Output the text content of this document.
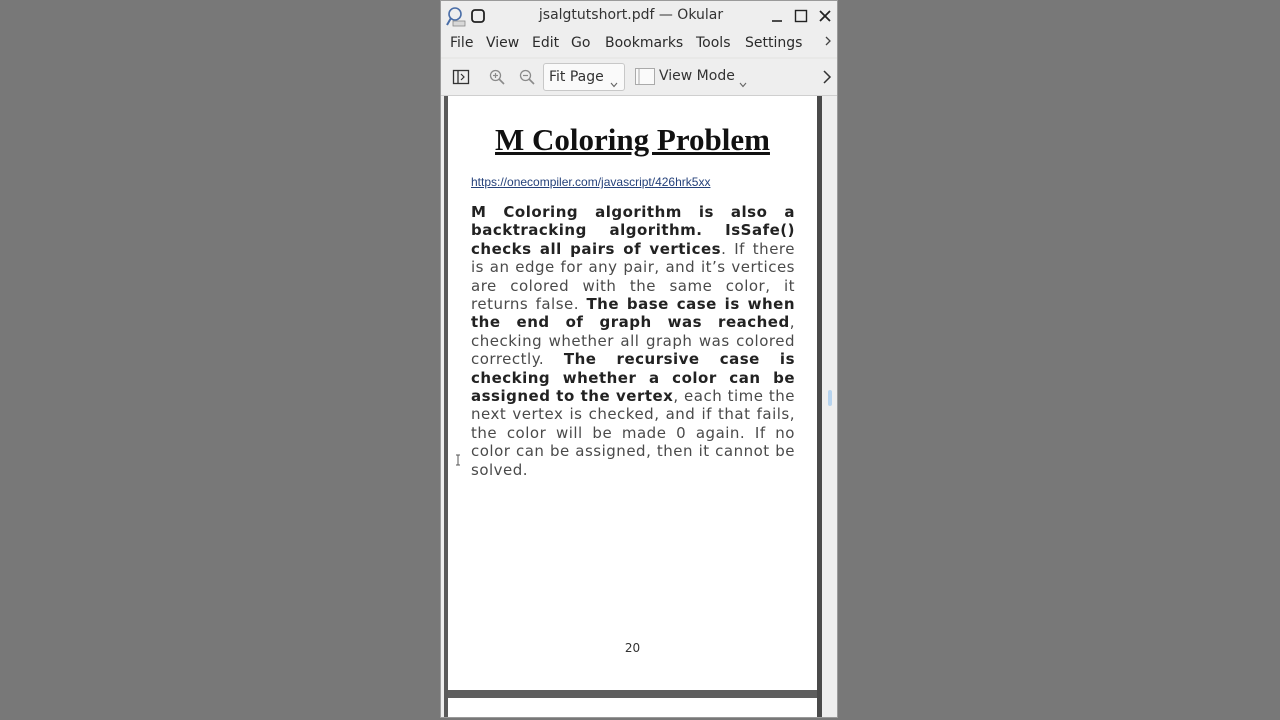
jsalgtutshort.pdf — Okular
File View Edit Go Bookmarks Tools Settings
Fit Page	View Mode
M Coloring Problem
https://onecompiler.com/javascript/426hrk5xx
M Coloring algorithm is also a backtracking algorithm. IsSafe() checks all pairs of vertices. If there is an edge for any pair, and it’s vertices are colored with the same color, it returns false. The base case is when the end of graph was reached, checking whether all graph was colored correctly. The recursive case is checking whether a color can be assigned to the vertex, each time the next vertex is checked, and if that fails, the color will be made 0 again. If no color can be assigned, then it cannot be solved.
20
